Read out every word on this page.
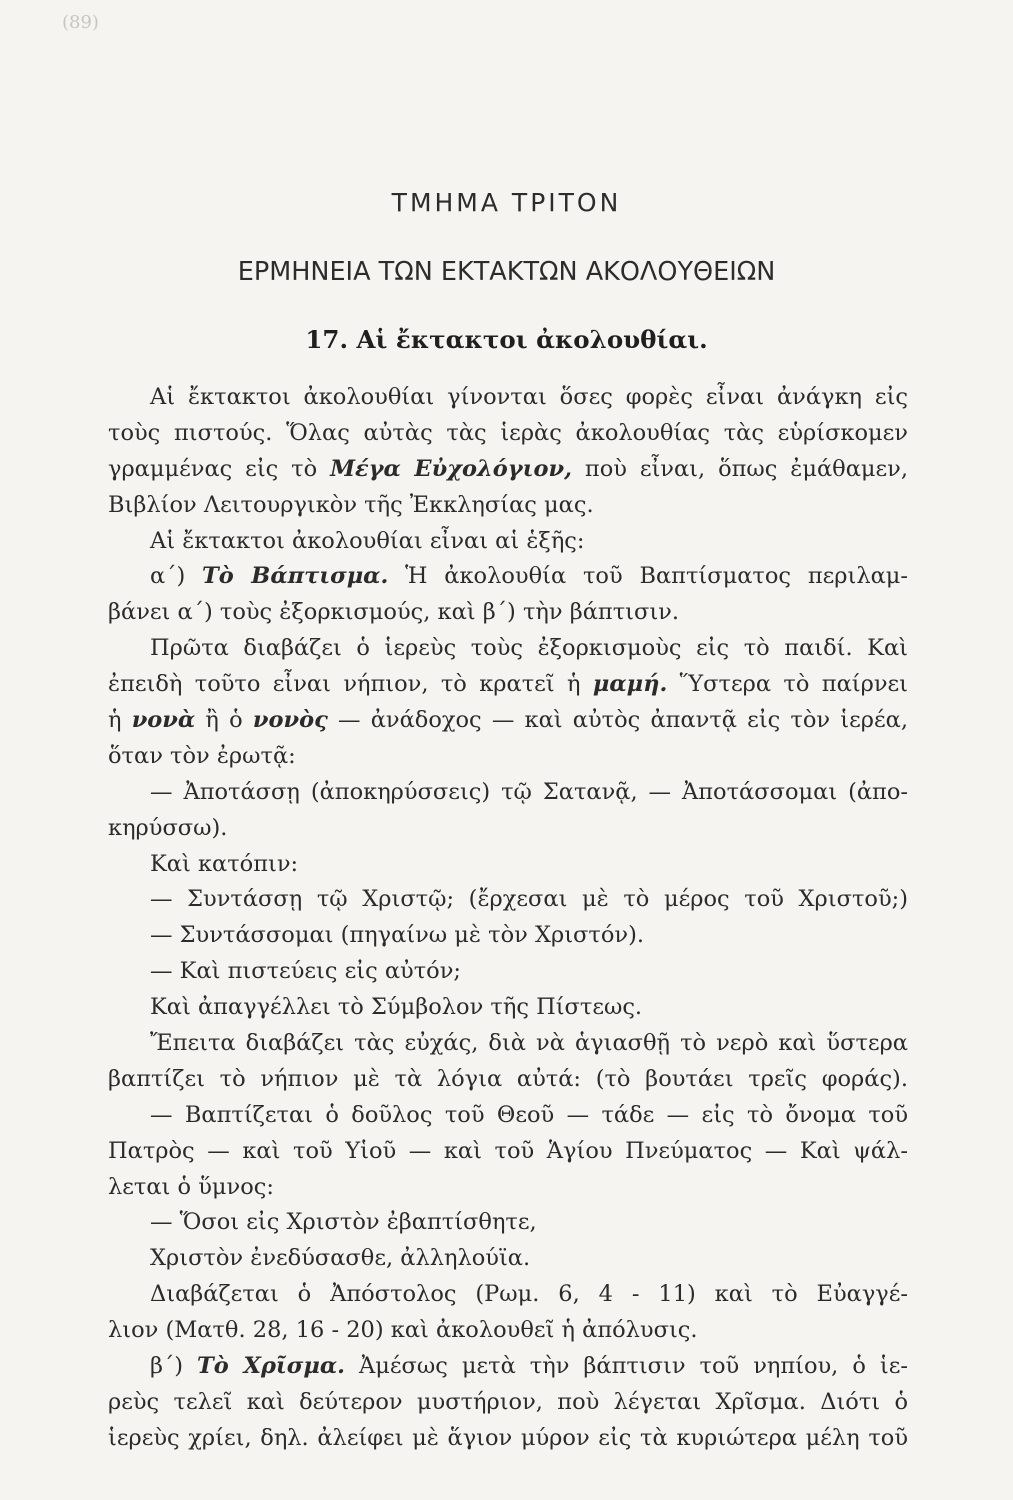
(89)
ΤΜΗΜΑ ΤΡΙΤΟΝ
ΕΡΜΗΝΕΙΑ ΤΩΝ ΕΚΤΑΚΤΩΝ ΑΚΟΛΟΥΘΕΙΩΝ
17. Αἱ ἔκτακτοι ἀκολουθίαι.
Αἱ ἔκτακτοι ἀκολουθίαι γίνονται ὅσες φορὲς εἶναι ἀνάγκη εἰς
τοὺς πιστούς. Ὅλας αὐτὰς τὰς ἱερὰς ἀκολουθίας τὰς εὑρίσκομεν
γραμμένας εἰς τὸ Μέγα Εὐχολόγιον, ποὺ εἶναι, ὅπως ἐμάθαμεν,
Βιβλίον Λειτουργικὸν τῆς Ἐκκλησίας μας.
Αἱ ἔκτακτοι ἀκολουθίαι εἶναι αἱ ἑξῆς:
α΄) Τὸ Βάπτισμα. Ἡ ἀκολουθία τοῦ Βαπτίσματος περιλαμ-
βάνει α΄) τοὺς ἐξορκισμούς, καὶ β΄) τὴν βάπτισιν.
Πρῶτα διαβάζει ὁ ἱερεὺς τοὺς ἐξορκισμοὺς εἰς τὸ παιδί. Καὶ
ἐπειδὴ τοῦτο εἶναι νήπιον, τὸ κρατεῖ ἡ μαμή. Ὕστερα τὸ παίρνει
ἡ νονὰ ἢ ὁ νονὸς — ἀνάδοχος — καὶ αὐτὸς ἀπαντᾷ εἰς τὸν ἱερέα,
ὅταν τὸν ἐρωτᾷ:
— Ἀποτάσσῃ (ἀποκηρύσσεις) τῷ Σατανᾷ, — Ἀποτάσσομαι (ἀπο-
κηρύσσω).
Καὶ κατόπιν:
— Συντάσσῃ τῷ Χριστῷ; (ἔρχεσαι μὲ τὸ μέρος τοῦ Χριστοῦ;)
— Συντάσσομαι (πηγαίνω μὲ τὸν Χριστόν).
— Καὶ πιστεύεις εἰς αὐτόν;
Καὶ ἀπαγγέλλει τὸ Σύμβολον τῆς Πίστεως.
Ἔπειτα διαβάζει τὰς εὐχάς, διὰ νὰ ἁγιασθῇ τὸ νερὸ καὶ ὕστερα
βαπτίζει τὸ νήπιον μὲ τὰ λόγια αὐτά: (τὸ βουτάει τρεῖς φοράς).
— Βαπτίζεται ὁ δοῦλος τοῦ Θεοῦ — τάδε — εἰς τὸ ὄνομα τοῦ
Πατρὸς — καὶ τοῦ Υἱοῦ — καὶ τοῦ Ἁγίου Πνεύματος — Καὶ ψάλ-
λεται ὁ ὕμνος:
— Ὅσοι εἰς Χριστὸν ἐβαπτίσθητε,
Χριστὸν ἐνεδύσασθε, ἀλληλούϊα.
Διαβάζεται ὁ Ἀπόστολος (Ρωμ. 6, 4 - 11) καὶ τὸ Εὐαγγέ-
λιον (Ματθ. 28, 16 - 20) καὶ ἀκολουθεῖ ἡ ἀπόλυσις.
β΄) Τὸ Χρῖσμα. Ἀμέσως μετὰ τὴν βάπτισιν τοῦ νηπίου, ὁ ἱε-
ρεὺς τελεῖ καὶ δεύτερον μυστήριον, ποὺ λέγεται Χρῖσμα. Διότι ὁ
ἱερεὺς χρίει, δηλ. ἀλείφει μὲ ἅγιον μύρον εἰς τὰ κυριώτερα μέλη τοῦ
